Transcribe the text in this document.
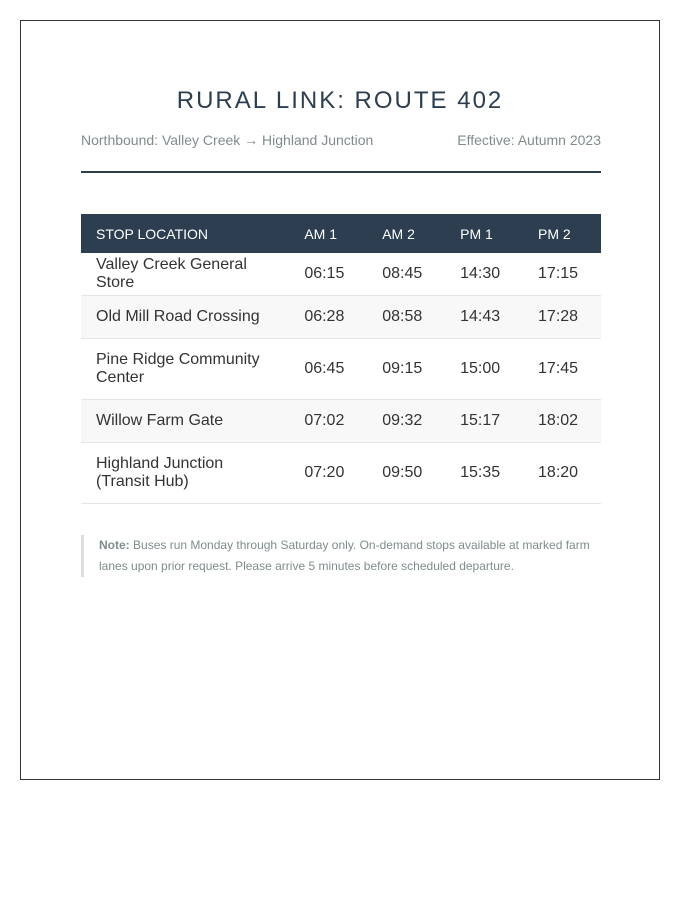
RURAL LINK: ROUTE 402
Northbound: Valley Creek → Highland Junction	Effective: Autumn 2023
STOP LOCATION	AM 1	AM 2	PM 1	PM 2

Valley Creek General Store	06:15	08:45	14:30	17:15

Old Mill Road Crossing	06:28	08:58	14:43	17:28

Pine Ridge Community Center	06:45	09:15	15:00	17:45

Willow Farm Gate	07:02	09:32	15:17	18:02

Highland Junction (Transit Hub)	07:20	09:50	15:35	18:20
Note: Buses run Monday through Saturday only. On-demand stops available at marked farm lanes upon prior request. Please arrive 5 minutes before scheduled departure.
